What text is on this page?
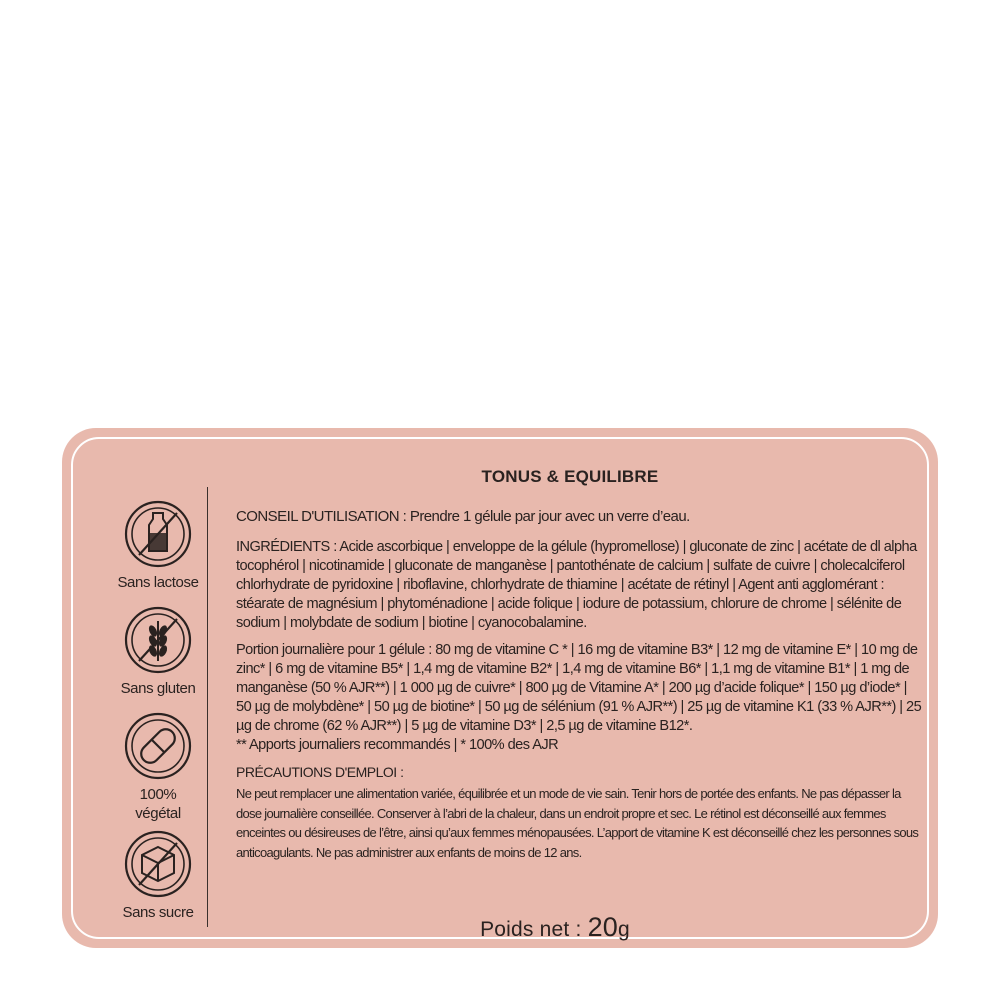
TONUS & EQUILIBRE
Sans lactose
Sans gluten
100%
végétal
Sans sucre

CONSEIL D'UTILISATION : Prendre 1 gélule par jour avec un verre d’eau.

INGRÉDIENTS : Acide ascorbique | enveloppe de la gélule (hypromellose) | gluconate de zinc | acétate de dl alpha tocophérol | nicotinamide | gluconate de manganèse | pantothénate de calcium | sulfate de cuivre | cholecalciferol chlorhydrate de pyridoxine | riboflavine, chlorhydrate de thiamine | acétate de rétinyl | Agent anti agglomérant : stéarate de magnésium | phytoménadione | acide folique | iodure de potassium, chlorure de chrome | sélénite de sodium | molybdate de sodium | biotine | cyanocobalamine.

Portion journalière pour 1 gélule : 80 mg de vitamine C * | 16 mg de vitamine B3* | 12 mg de vitamine E* | 10 mg de zinc* | 6 mg de vitamine B5* | 1,4 mg de vitamine B2* | 1,4 mg de vitamine B6* | 1,1 mg de vitamine B1* | 1 mg de manganèse (50 % AJR**) | 1 000 µg de cuivre* | 800 µg de Vitamine A* | 200 µg d’acide folique* | 150 µg d’iode* | 50 µg de molybdène* | 50 µg de biotine* | 50 µg de sélénium (91 % AJR**) | 25 µg de vitamine K1 (33 % AJR**) | 25 µg de chrome (62 % AJR**) | 5 µg de vitamine D3* | 2,5 µg de vitamine B12*.
** Apports journaliers recommandés | * 100% des AJR

PRÉCAUTIONS D'EMPLOI :

Ne peut remplacer une alimentation variée, équilibrée et un mode de vie sain. Tenir hors de portée des enfants. Ne pas dépasser la dose journalière conseillée. Conserver à l’abri de la chaleur, dans un endroit propre et sec. Le rétinol est déconseillé aux femmes enceintes ou désireuses de l’être, ainsi qu’aux femmes ménopausées. L’apport de vitamine K est déconseillé chez les personnes sous anticoagulants. Ne pas administrer aux enfants de moins de 12 ans.

Poids net : 20g
